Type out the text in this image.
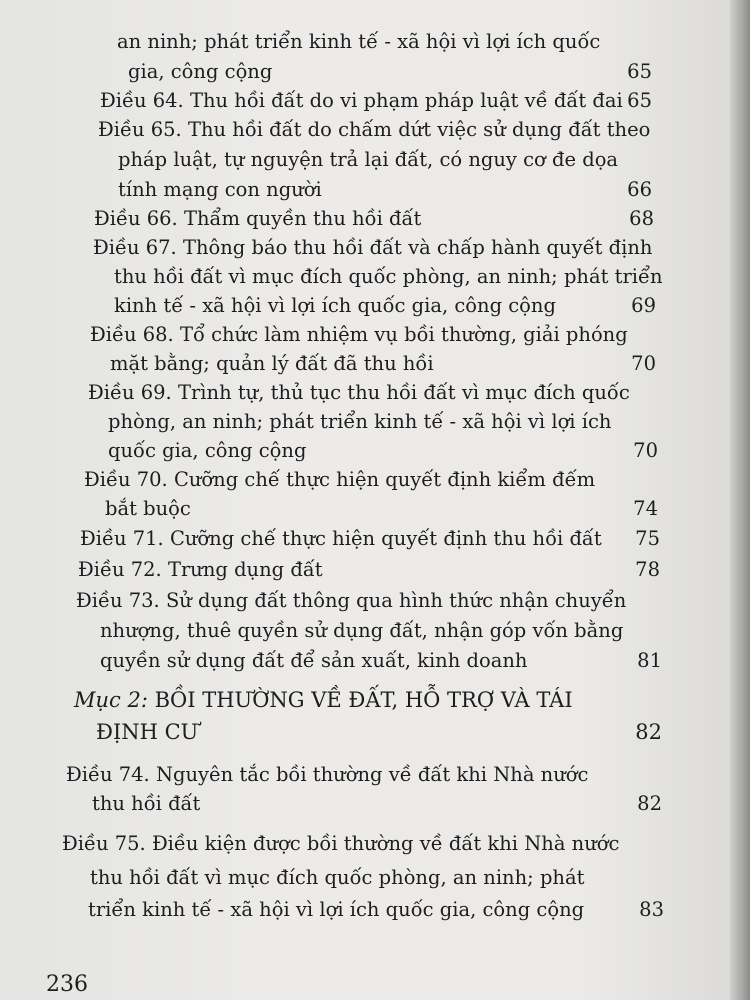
an ninh; phát triển kinh tế - xã hội vì lợi ích quốc
gia, công cộng	65
Điều 64. Thu hồi đất do vi phạm pháp luật về đất đai 65
Điều 65. Thu hồi đất do chấm dứt việc sử dụng đất theo
pháp luật, tự nguyện trả lại đất, có nguy cơ đe dọa
tính mạng con người	66
Điều 66. Thẩm quyền thu hồi đất	68
Điều 67. Thông báo thu hồi đất và chấp hành quyết định
thu hồi đất vì mục đích quốc phòng, an ninh; phát triển
kinh tế - xã hội vì lợi ích quốc gia, công cộng	69
Điều 68. Tổ chức làm nhiệm vụ bồi thường, giải phóng
mặt bằng; quản lý đất đã thu hồi	70
Điều 69. Trình tự, thủ tục thu hồi đất vì mục đích quốc
phòng, an ninh; phát triển kinh tế - xã hội vì lợi ích
quốc gia, công cộng	70
Điều 70. Cưỡng chế thực hiện quyết định kiểm đếm
bắt buộc	74
Điều 71. Cưỡng chế thực hiện quyết định thu hồi đất 75
Điều 72. Trưng dụng đất	78
Điều 73. Sử dụng đất thông qua hình thức nhận chuyển
nhượng, thuê quyền sử dụng đất, nhận góp vốn bằng
quyền sử dụng đất để sản xuất, kinh doanh	81
Mục 2: BỒI THƯỜNG VỀ ĐẤT, HỖ TRỢ VÀ TÁI
ĐỊNH CƯ	82
Điều 74. Nguyên tắc bồi thường về đất khi Nhà nước
thu hồi đất	82
Điều 75. Điều kiện được bồi thường về đất khi Nhà nước
thu hồi đất vì mục đích quốc phòng, an ninh; phát
triển kinh tế - xã hội vì lợi ích quốc gia, công cộng	83
236
